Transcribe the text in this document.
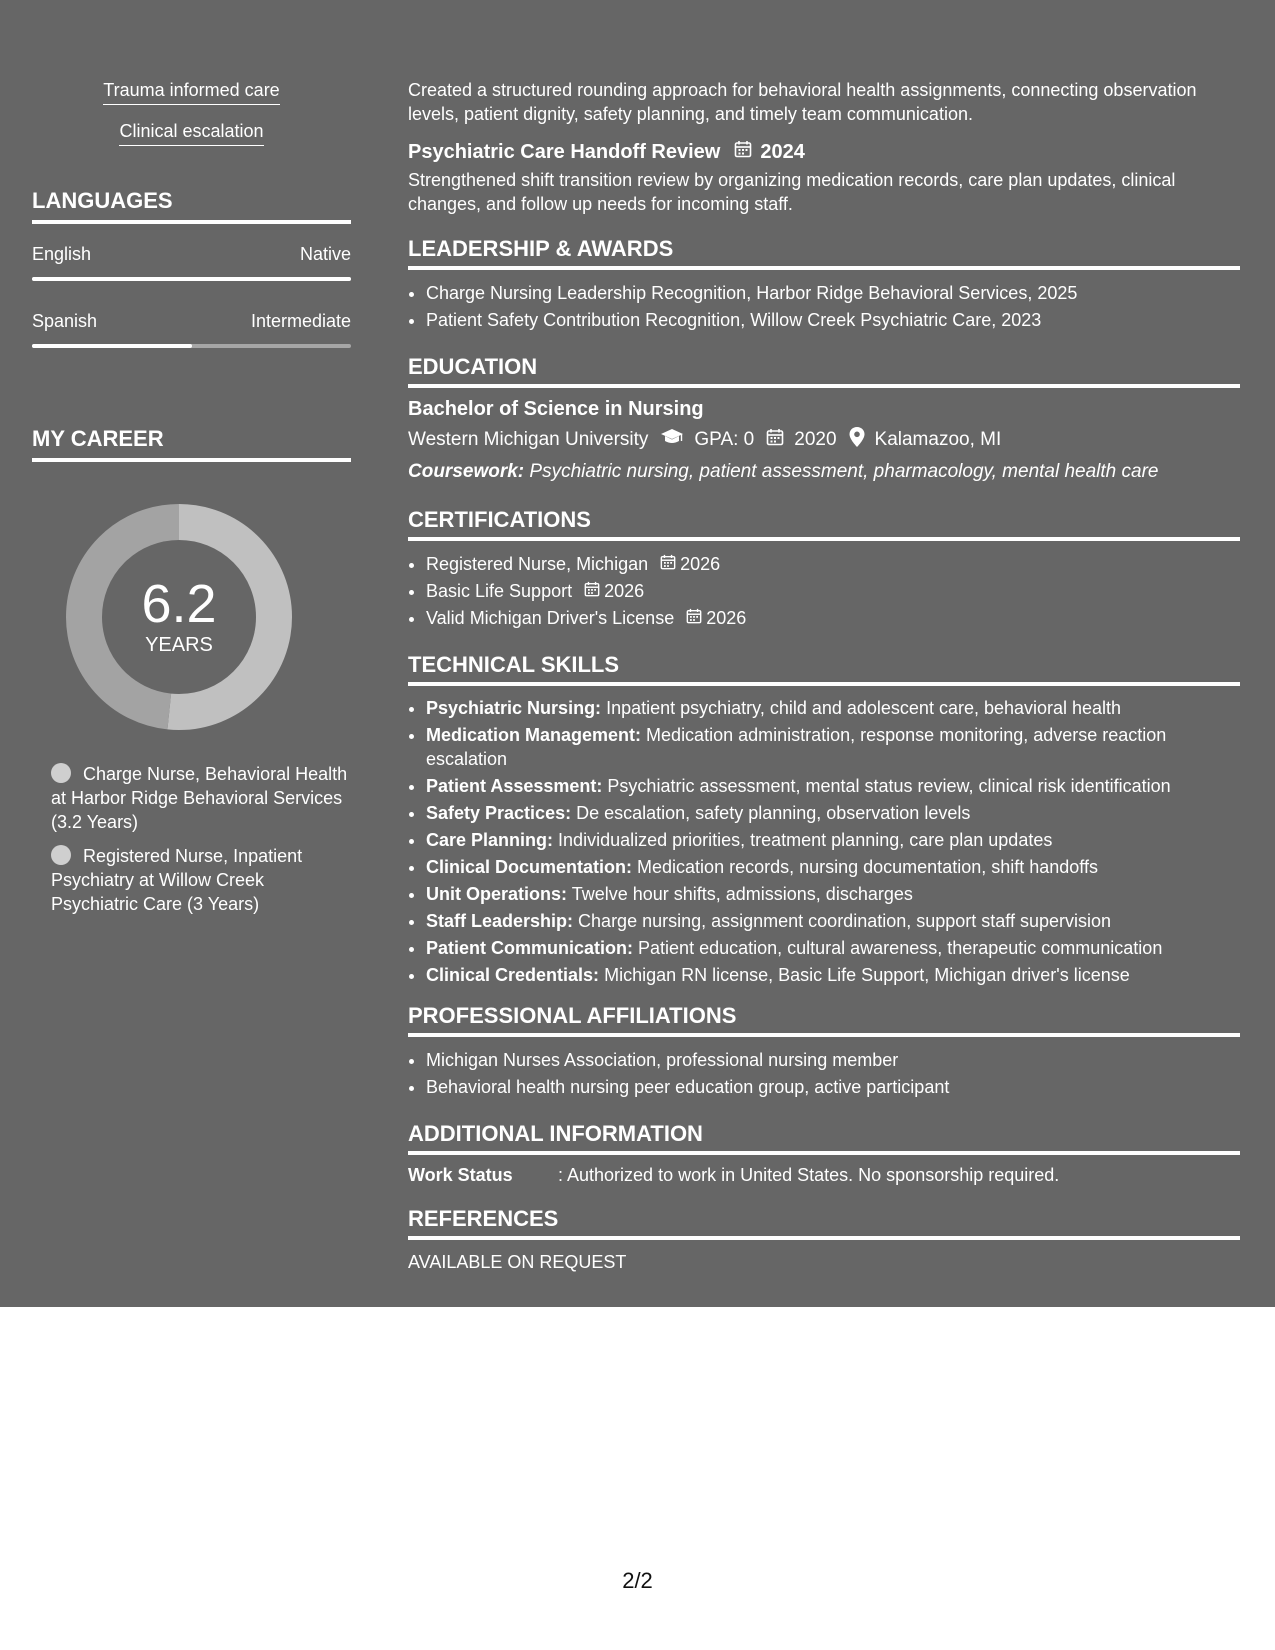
Trauma informed care
Clinical escalation
LANGUAGES
English	Native
Spanish	Intermediate
MY CAREER
6.2
YEARS
Charge Nurse, Behavioral Health at Harbor Ridge Behavioral Services (3.2 Years)
Registered Nurse, Inpatient Psychiatry at Willow Creek Psychiatric Care (3 Years)

Created a structured rounding approach for behavioral health assignments, connecting observation levels, patient dignity, safety planning, and timely team communication.

Psychiatric Care Handoff Review 2024

Strengthened shift transition review by organizing medication records, care plan updates, clinical changes, and follow up needs for incoming staff.

LEADERSHIP & AWARDS
• Charge Nursing Leadership Recognition, Harbor Ridge Behavioral Services, 2025
• Patient Safety Contribution Recognition, Willow Creek Psychiatric Care, 2023
EDUCATION
Bachelor of Science in Nursing
Western Michigan University GPA: 0 2020 Kalamazoo, MI
Coursework: Psychiatric nursing, patient assessment, pharmacology, mental health care
CERTIFICATIONS
• Registered Nurse, Michigan 2026
• Basic Life Support 2026
• Valid Michigan Driver's License 2026
TECHNICAL SKILLS
• Psychiatric Nursing: Inpatient psychiatry, child and adolescent care, behavioral health
• Medication Management: Medication administration, response monitoring, adverse reaction escalation
• Patient Assessment: Psychiatric assessment, mental status review, clinical risk identification
• Safety Practices: De escalation, safety planning, observation levels
• Care Planning: Individualized priorities, treatment planning, care plan updates
• Clinical Documentation: Medication records, nursing documentation, shift handoffs
• Unit Operations: Twelve hour shifts, admissions, discharges
• Staff Leadership: Charge nursing, assignment coordination, support staff supervision
• Patient Communication: Patient education, cultural awareness, therapeutic communication
• Clinical Credentials: Michigan RN license, Basic Life Support, Michigan driver's license
PROFESSIONAL AFFILIATIONS
• Michigan Nurses Association, professional nursing member
• Behavioral health nursing peer education group, active participant
ADDITIONAL INFORMATION
Work Status	: Authorized to work in United States. No sponsorship required.
REFERENCES
AVAILABLE ON REQUEST
2/2
